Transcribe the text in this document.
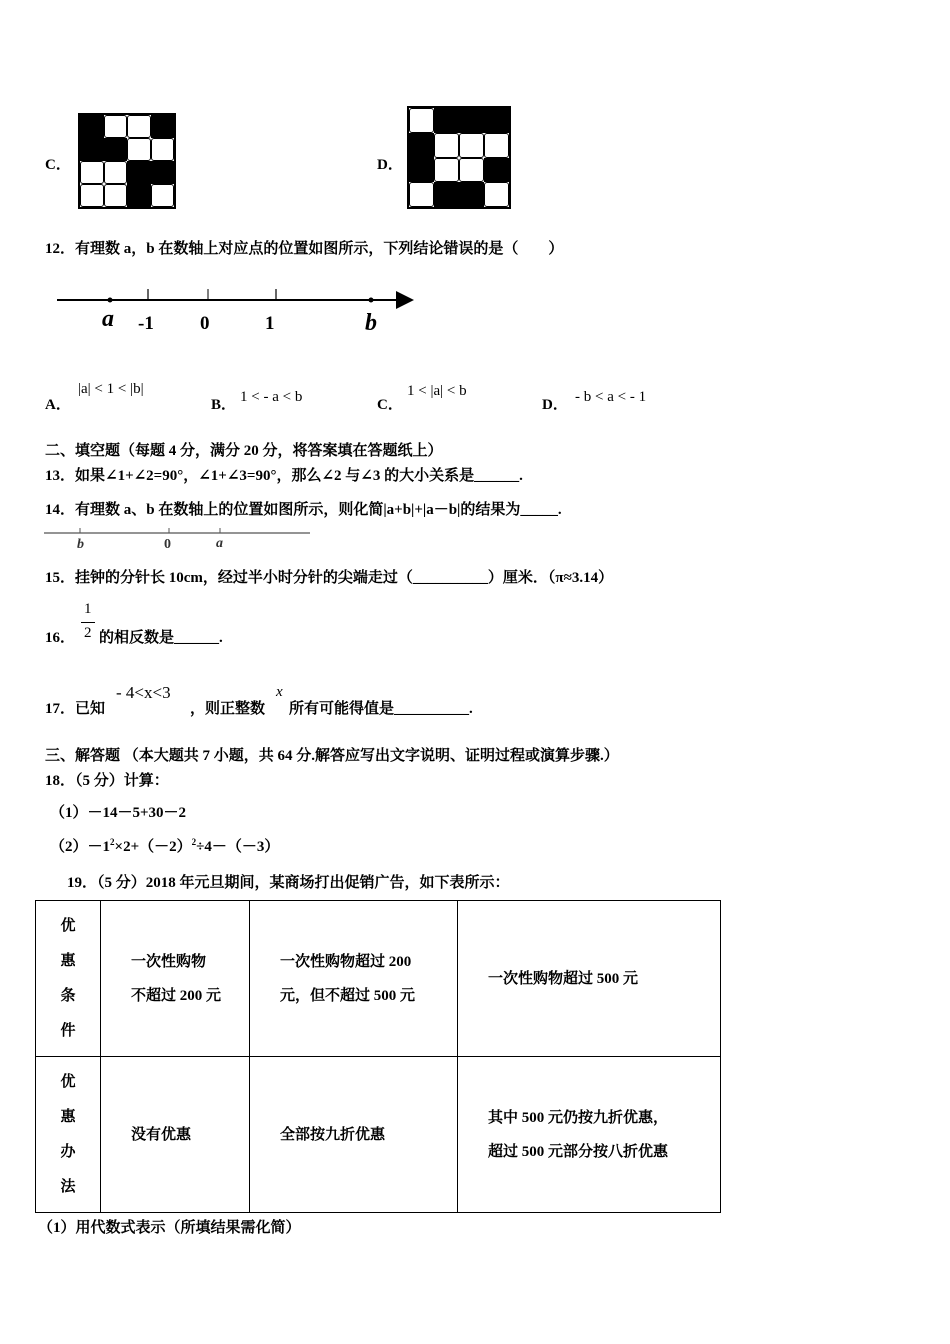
C．	D．
12．有理数 a，b 在数轴上对应点的位置如图所示，下列结论错误的是（　　）
a -1 0	1	b
A．
|a| < 1 < |b|
B． 1 < - a < b	C．
1 < |a| < b
D． - b < a < - 1
二、填空题（每题 4 分，满分 20 分，将答案填在答题纸上）
13．如果∠1+∠2=90°，∠1+∠3=90°，那么∠2 与∠3 的大小关系是______.
14．有理数 a、b 在数轴上的位置如图所示，则化简|a+b|+|a－b|的结果为_____.
b	0	a
15．挂钟的分针长 10cm，经过半小时分针的尖端走过（__________）厘米．（π≈3.14）
16．
1
2 的相反数是______.
17．已知
- 4<x<3
，则正整数
x
所有可能得值是__________.
三、解答题 （本大题共 7 小题，共 64 分.解答应写出文字说明、证明过程或演算步骤.）
18．（5 分）计算：
（1）－14－5+30－2
$(2)-1^2\times 2+(-2)^2\div 4-(-3)$
19．（5 分）2018 年元旦期间，某商场打出促销广告，如下表所示：
优
惠
条
件	一次性购物
不超过 200 元	一次性购物超过 200
元，但不超过 500 元	一次性购物超过 500 元
优
惠
办
法	没有优惠	全部按九折优惠	其中 500 元仍按九折优惠，
超过 500 元部分按八折优惠
（1）用代数式表示（所填结果需化简）
